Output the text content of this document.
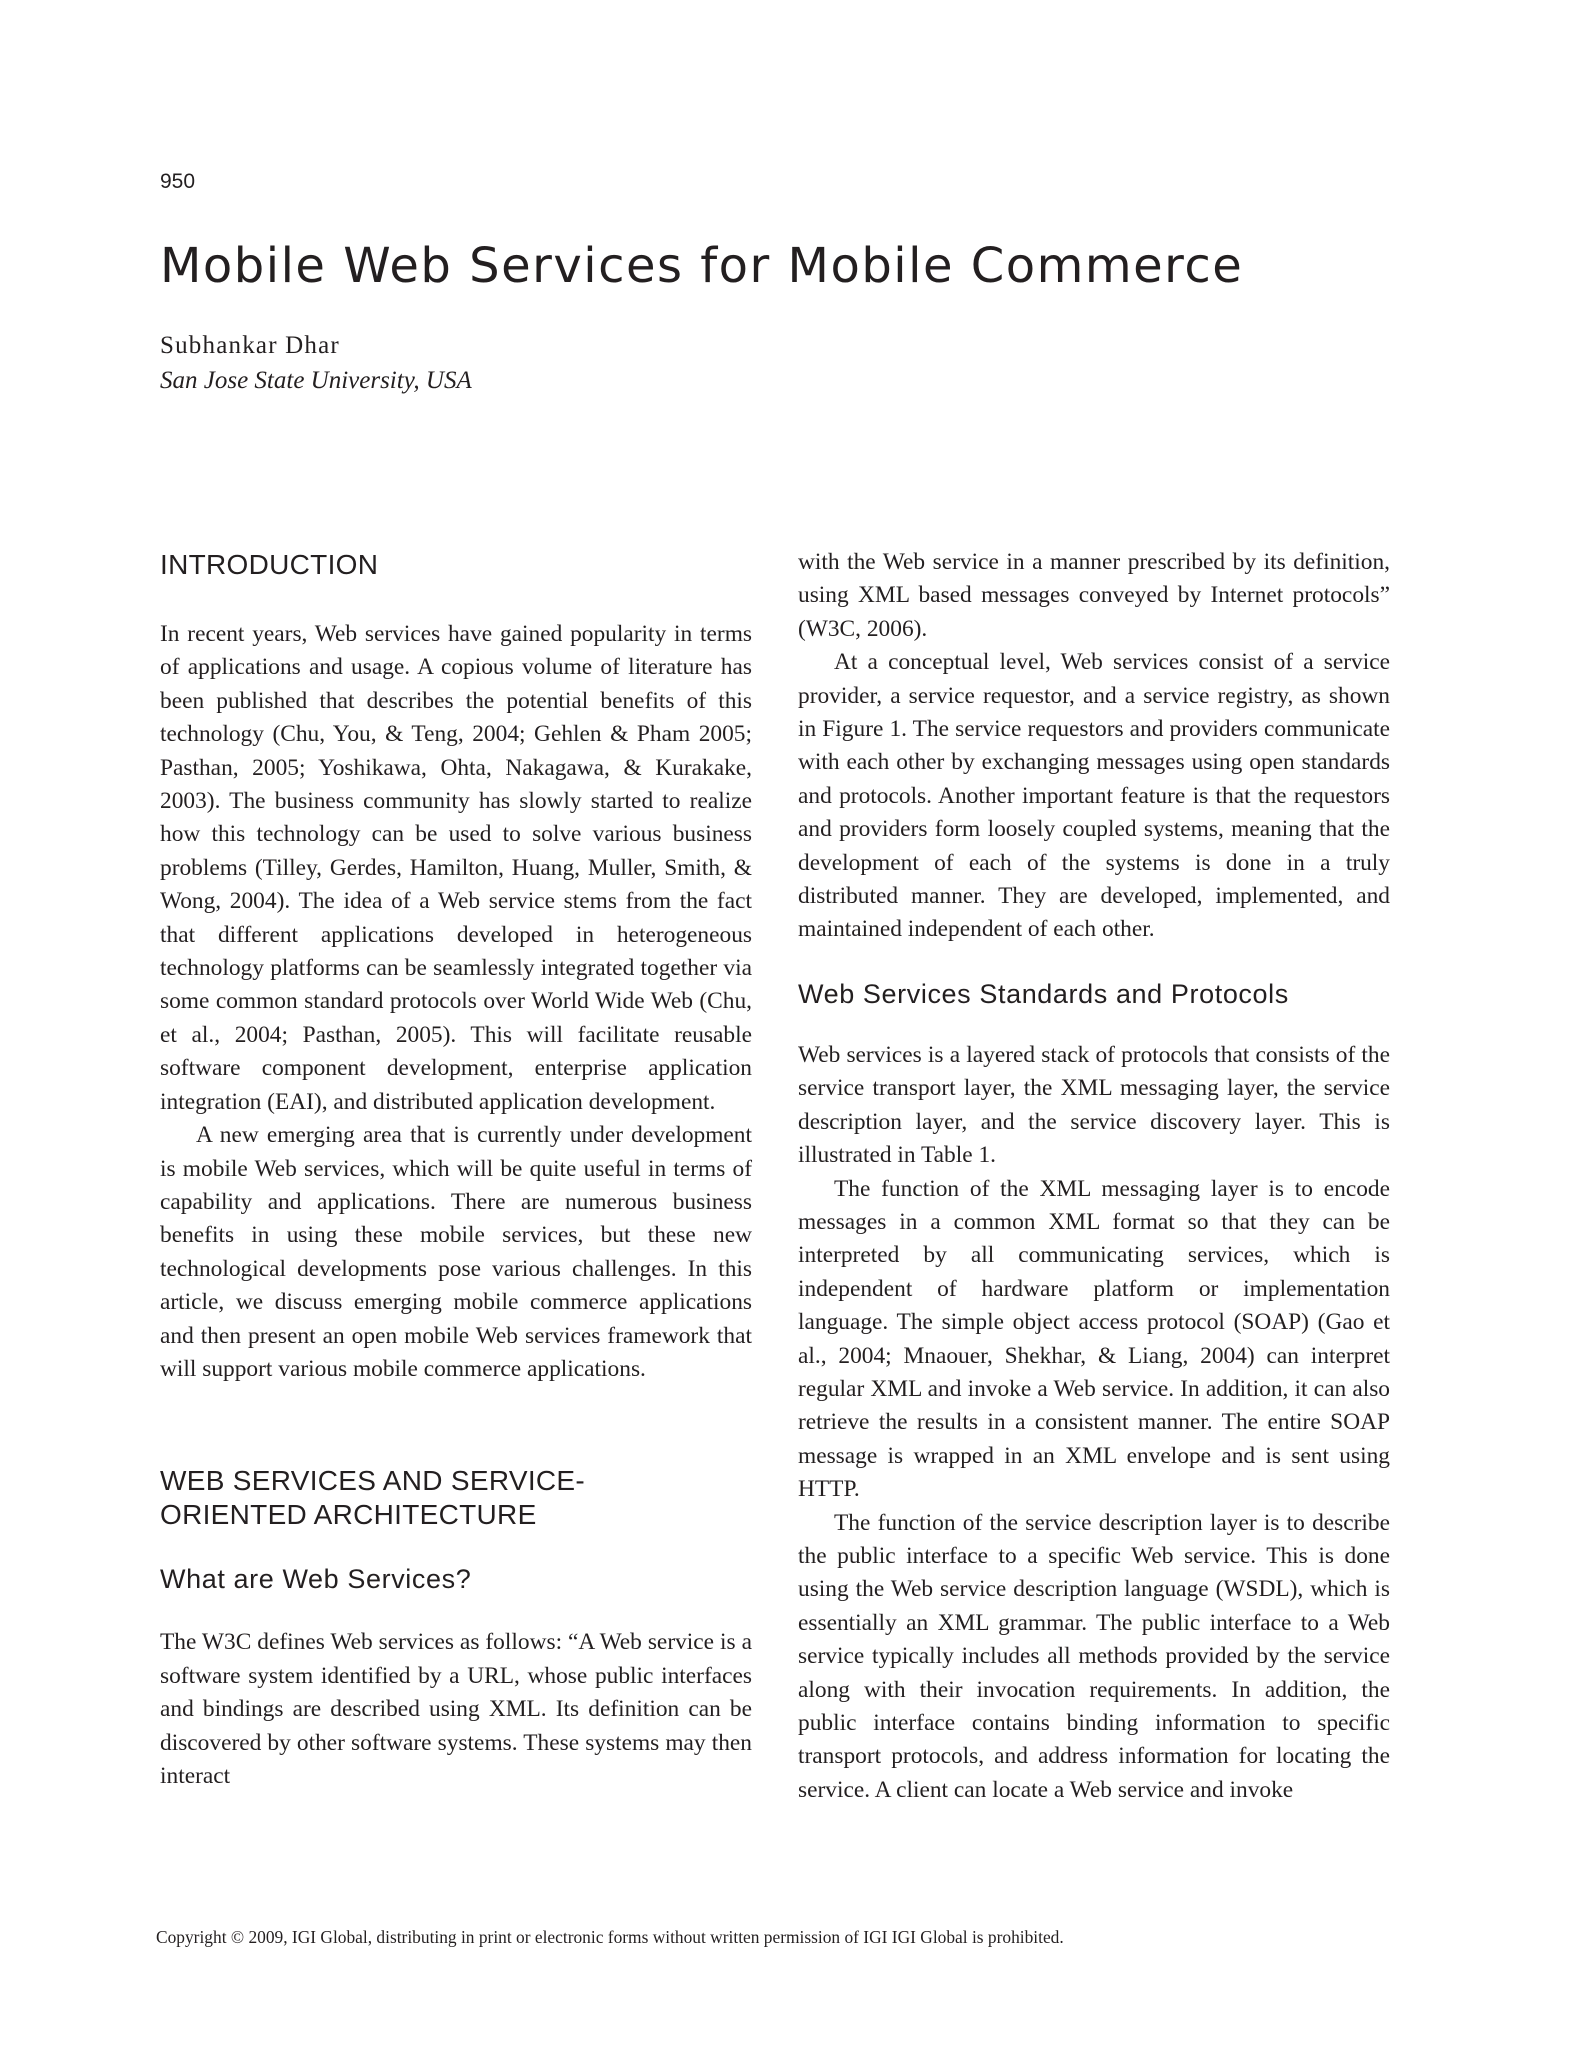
950

Mobile Web Services for Mobile Commerce

Subhankar Dhar

San Jose State University, USA

INTRODUCTION

In recent years, Web services have gained popularity in terms of applications and usage. A copious volume of literature has been published that describes the potential benefits of this technology (Chu, You, & Teng, 2004; Gehlen & Pham 2005; Pasthan, 2005; Yoshikawa, Ohta, Nakagawa, & Kurakake, 2003). The business community has slowly started to realize how this technology can be used to solve various business problems (Tilley, Gerdes, Hamilton, Huang, Muller, Smith, & Wong, 2004). The idea of a Web service stems from the fact that different applications developed in heterogeneous technology platforms can be seamlessly integrated together via some common standard protocols over World Wide Web (Chu, et al., 2004; Pasthan, 2005). This will facilitate reusable software component development, enterprise application integration (EAI), and distributed application development.

A new emerging area that is currently under development is mobile Web services, which will be quite useful in terms of capability and applications. There are numerous business benefits in using these mobile services, but these new technological developments pose various challenges. In this article, we discuss emerging mobile commerce applications and then present an open mobile Web services framework that will support various mobile commerce applications.

WEB SERVICES AND SERVICE-
ORIENTED ARCHITECTURE
What are Web Services?

The W3C defines Web services as follows: “A Web service is a software system identified by a URL, whose public interfaces and bindings are described using XML. Its definition can be discovered by other software systems. These systems may then interact

with the Web service in a manner prescribed by its definition, using XML based messages conveyed by Internet protocols” (W3C, 2006).

At a conceptual level, Web services consist of a service provider, a service requestor, and a service registry, as shown in Figure 1. The service requestors and providers communicate with each other by exchanging messages using open standards and protocols. Another important feature is that the requestors and providers form loosely coupled systems, meaning that the development of each of the systems is done in a truly distributed manner. They are developed, implemented, and maintained independent of each other.

Web Services Standards and Protocols

Web services is a layered stack of protocols that consists of the service transport layer, the XML messaging layer, the service description layer, and the service discovery layer. This is illustrated in Table 1.

The function of the XML messaging layer is to encode messages in a common XML format so that they can be interpreted by all communicating services, which is independent of hardware platform or implementation language. The simple object access protocol (SOAP) (Gao et al., 2004; Mnaouer, Shekhar, & Liang, 2004) can interpret regular XML and invoke a Web service. In addition, it can also retrieve the results in a consistent manner. The entire SOAP message is wrapped in an XML envelope and is sent using HTTP.

The function of the service description layer is to describe the public interface to a specific Web service. This is done using the Web service description language (WSDL), which is essentially an XML grammar. The public interface to a Web service typically includes all methods provided by the service along with their invocation requirements. In addition, the public interface contains binding information to specific transport protocols, and address information for locating the service. A client can locate a Web service and invoke

Copyright © 2009, IGI Global, distributing in print or electronic forms without written permission of IGI IGI Global is prohibited.
